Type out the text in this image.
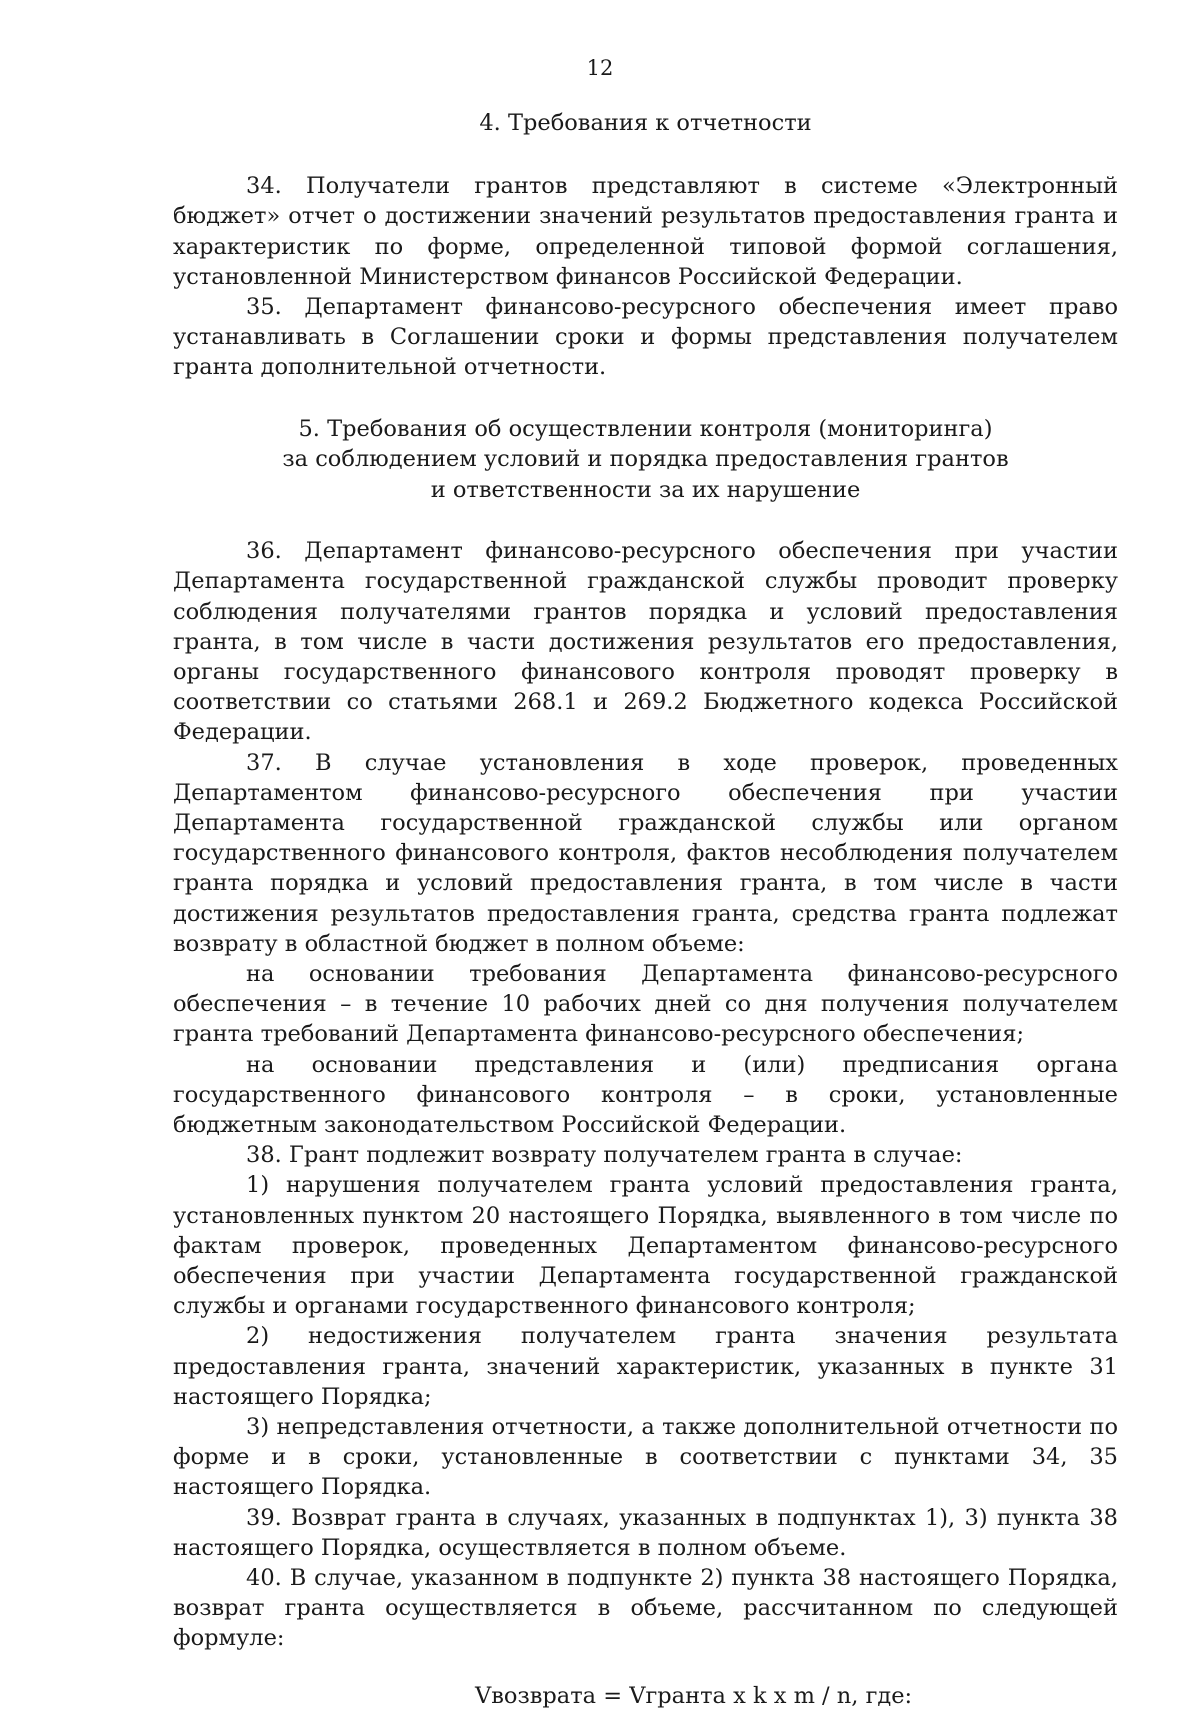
12

4. Требования к отчетности

34. Получатели грантов представляют в системе «Электронный бюджет» отчет о достижении значений результатов предоставления гранта и характеристик по форме, определенной типовой формой соглашения, установленной Министерством финансов Российской Федерации.

35. Департамент финансово-ресурсного обеспечения имеет право устанавливать в Соглашении сроки и формы представления получателем гранта дополнительной отчетности.

5. Требования об осуществлении контроля (мониторинга)

за соблюдением условий и порядка предоставления грантов

и ответственности за их нарушение

36. Департамент финансово-ресурсного обеспечения при участии Департамента государственной гражданской службы проводит проверку соблюдения получателями грантов порядка и условий предоставления гранта, в том числе в части достижения результатов его предоставления, органы государственного финансового контроля проводят проверку в соответствии со статьями 268.1 и 269.2 Бюджетного кодекса Российской Федерации.

37. В случае установления в ходе проверок, проведенных Департаментом финансово-ресурсного обеспечения при участии Департамента государственной гражданской службы или органом государственного финансового контроля, фактов несоблюдения получателем гранта порядка и условий предоставления гранта, в том числе в части достижения результатов предоставления гранта, средства гранта подлежат возврату в областной бюджет в полном объеме:

на основании требования Департамента финансово-ресурсного обеспечения – в течение 10 рабочих дней со дня получения получателем гранта требований Департамента финансово-ресурсного обеспечения;

на основании представления и (или) предписания органа государственного финансового контроля – в сроки, установленные бюджетным законодательством Российской Федерации.

38. Грант подлежит возврату получателем гранта в случае:

1) нарушения получателем гранта условий предоставления гранта, установленных пунктом 20 настоящего Порядка, выявленного в том числе по фактам проверок, проведенных Департаментом финансово-ресурсного обеспечения при участии Департамента государственной гражданской службы и органами государственного финансового контроля;

2) недостижения получателем гранта значения результата предоставления гранта, значений характеристик, указанных в пункте 31 настоящего Порядка;

3) непредставления отчетности, а также дополнительной отчетности по форме и в сроки, установленные в соответствии с пунктами 34, 35 настоящего Порядка.

39. Возврат гранта в случаях, указанных в подпунктах 1), 3) пункта 38 настоящего Порядка, осуществляется в полном объеме.

40. В случае, указанном в подпункте 2) пункта 38 настоящего Порядка, возврат гранта осуществляется в объеме, рассчитанном по следующей формуле:

Vвозврата = Vгранта x k x m / n, где:
